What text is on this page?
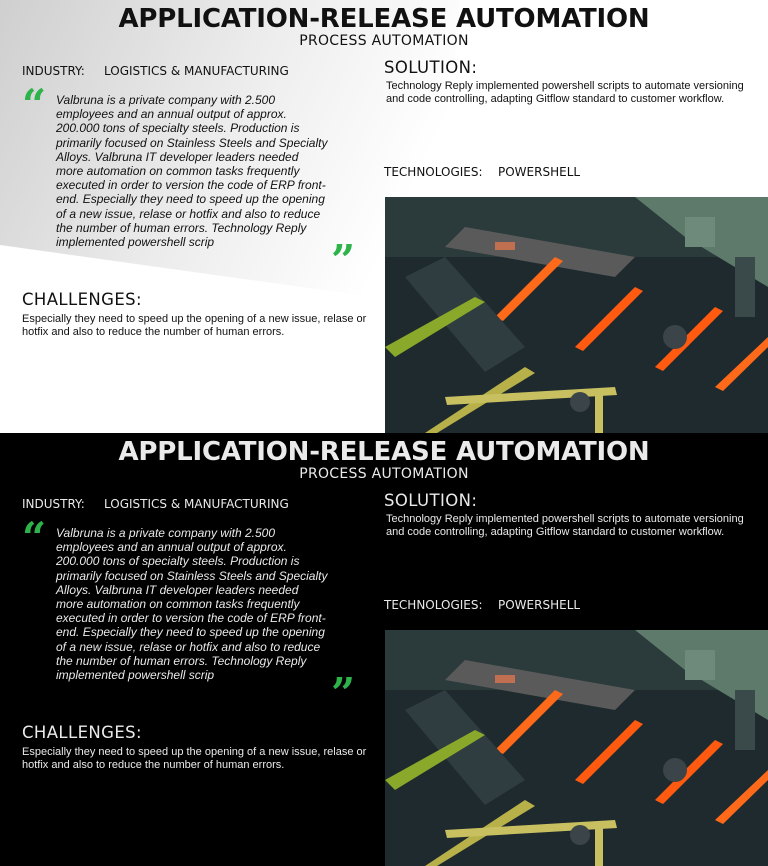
APPLICATION-RELEASE AUTOMATION
PROCESS AUTOMATION
INDUSTRY: LOGISTICS & MANUFACTURING
“ Valbruna is a private company with 2.500 employees and an annual output of approx. 200.000 tons of specialty steels. Production is primarily focused on Stainless Steels and Specialty Alloys. Valbruna IT developer leaders needed more automation on common tasks frequently executed in order to version the code of ERP front-end. Especially they need to speed up the opening of a new issue, relase or hotfix and also to reduce the number of human errors. Technology Reply implemented powershell scrip	”
CHALLENGES:
Especially they need to speed up the opening of a new issue, relase or hotfix and also to reduce the number of human errors.
SOLUTION:
Technology Reply implemented powershell scripts to automate versioning and code controlling, adapting Gitflow standard to customer workflow.
TECHNOLOGIES: POWERSHELL
APPLICATION-RELEASE AUTOMATION
PROCESS AUTOMATION
INDUSTRY: LOGISTICS & MANUFACTURING
“ Valbruna is a private company with 2.500 employees and an annual output of approx. 200.000 tons of specialty steels. Production is primarily focused on Stainless Steels and Specialty Alloys. Valbruna IT developer leaders needed more automation on common tasks frequently executed in order to version the code of ERP front-end. Especially they need to speed up the opening of a new issue, relase or hotfix and also to reduce the number of human errors. Technology Reply implemented powershell scrip	”
CHALLENGES:
Especially they need to speed up the opening of a new issue, relase or hotfix and also to reduce the number of human errors.
SOLUTION:
Technology Reply implemented powershell scripts to automate versioning and code controlling, adapting Gitflow standard to customer workflow.
TECHNOLOGIES: POWERSHELL
